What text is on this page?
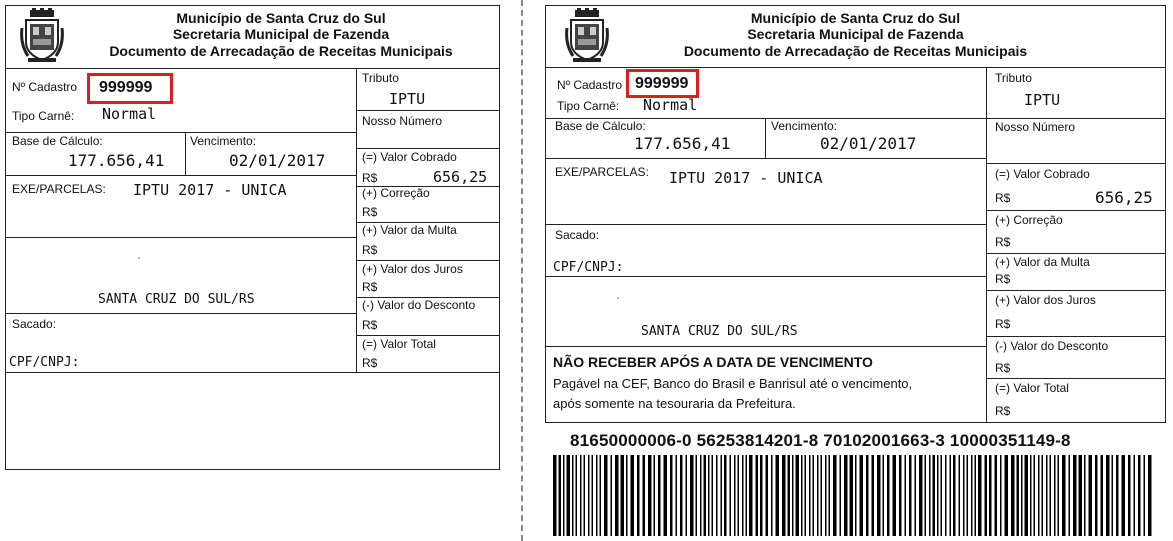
Município de Santa Cruz do Sul
Secretaria Municipal de Fazenda
Documento de Arrecadação de Receitas Municipais
Nº Cadastro 999999
Tipo Carnê: Normal
Tributo
IPTU
Nosso Número
Base de Cálculo:
177.656,41
Vencimento:
02/01/2017
EXE/PARCELAS: IPTU 2017 - UNICA
SANTA CRUZ DO SUL/RS
Sacado:
CPF/CNPJ:
(=) Valor Cobrado
R$	656,25
(+) Correção
R$
(+) Valor da Multa
R$
(+) Valor dos Juros
R$
(-) Valor do Desconto
R$
(=) Valor Total
R$
Município de Santa Cruz do Sul
Secretaria Municipal de Fazenda
Documento de Arrecadação de Receitas Municipais
Nº Cadastro 999999
Tipo Carnê: Normal
Tributo
IPTU
Nosso Número
Base de Cálculo:
177.656,41
Vencimento:
02/01/2017
EXE/PARCELAS: IPTU 2017 - UNICA
Sacado:
CPF/CNPJ:
SANTA CRUZ DO SUL/RS
NÃO RECEBER APÓS A DATA DE VENCIMENTO
Pagável na CEF, Banco do Brasil e Banrisul até o vencimento,
após somente na tesouraria da Prefeitura.
(=) Valor Cobrado
R$	656,25
(+) Correção
R$
(+) Valor da Multa
R$
(+) Valor dos Juros
R$
(-) Valor do Desconto
R$
(=) Valor Total
R$
81650000006-0 56253814201-8 70102001663-3 10000351149-8
